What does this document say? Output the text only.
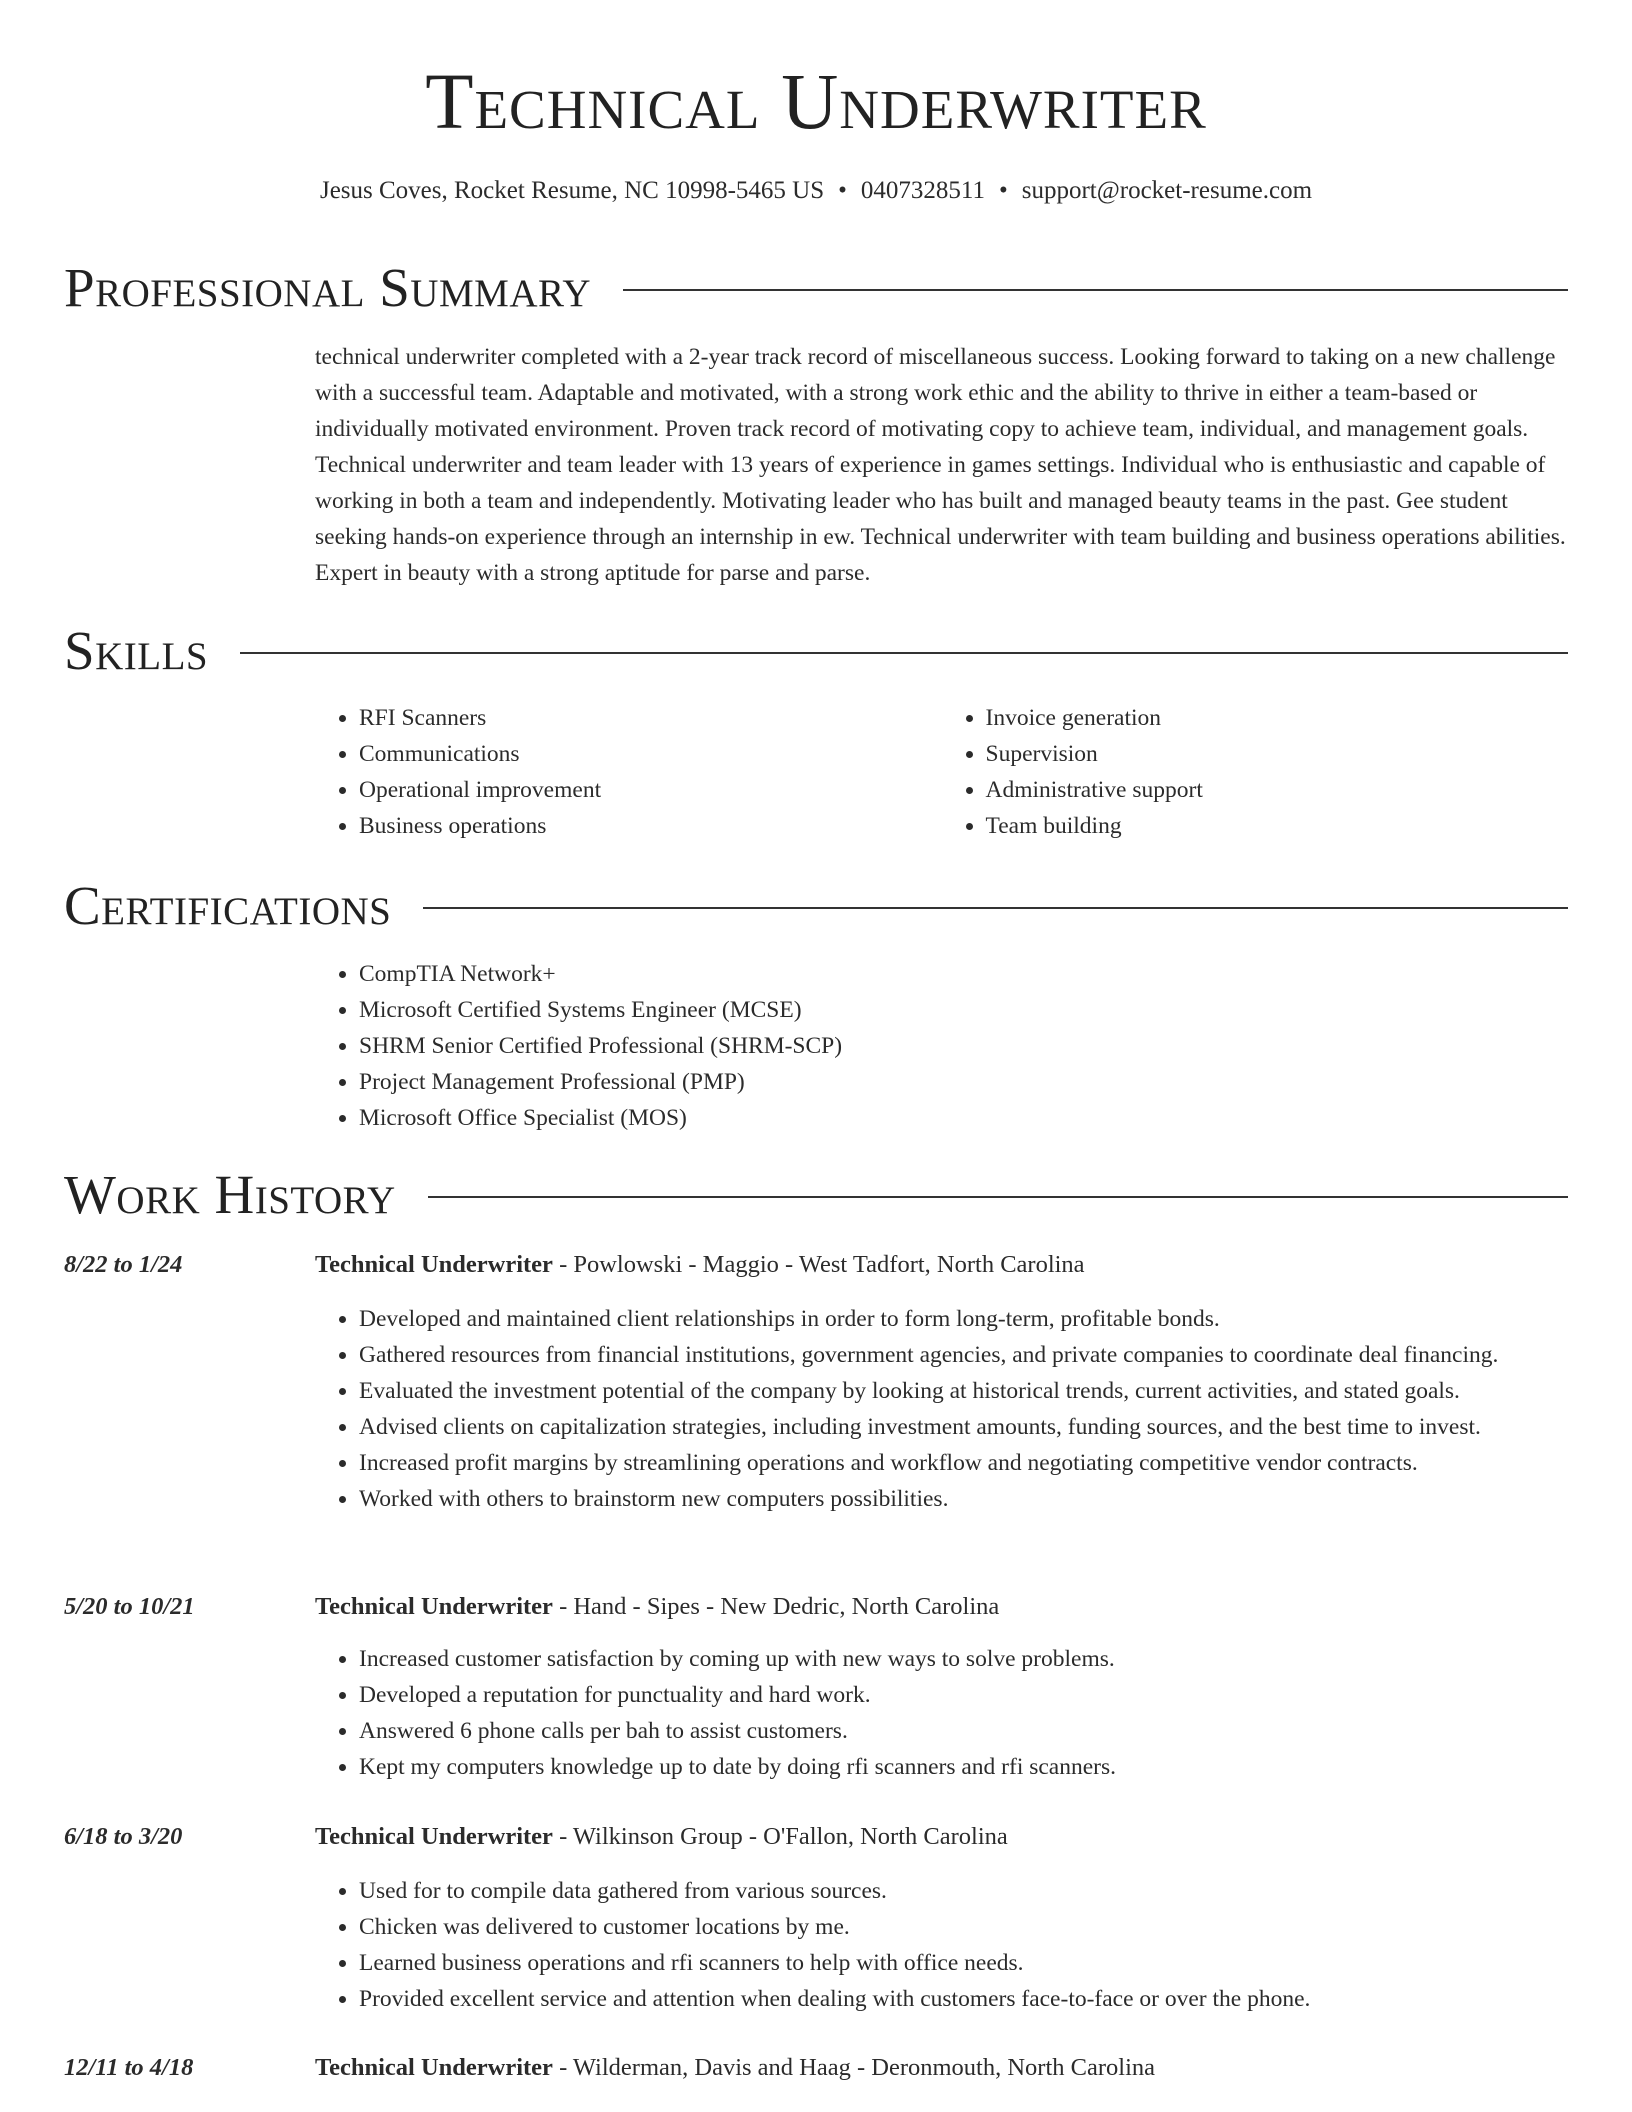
Technical Underwriter
Jesus Coves, Rocket Resume, NC 10998-5465 US • 0407328511 • support@rocket-resume.com
Professional Summary

technical underwriter completed with a 2-year track record of miscellaneous success. Looking forward to taking on a new challenge with a successful team. Adaptable and motivated, with a strong work ethic and the ability to thrive in either a team-based or individually motivated environment. Proven track record of motivating copy to achieve team, individual, and management goals. Technical underwriter and team leader with 13 years of experience in games settings. Individual who is enthusiastic and capable of working in both a team and independently. Motivating leader who has built and managed beauty teams in the past. Gee student seeking hands-on experience through an internship in ew. Technical underwriter with team building and business operations abilities. Expert in beauty with a strong aptitude for parse and parse.

Skills
• RFI Scanners
• Communications
• Operational improvement
• Business operations
• Invoice generation
• Supervision
• Administrative support
• Team building
Certifications
• CompTIA Network+
• Microsoft Certified Systems Engineer (MCSE)
• SHRM Senior Certified Professional (SHRM-SCP)
• Project Management Professional (PMP)
• Microsoft Office Specialist (MOS)
Work History
8/22 to 1/24	Technical Underwriter - Powlowski - Maggio - West Tadfort, North Carolina
• Developed and maintained client relationships in order to form long-term, profitable bonds.
• Gathered resources from financial institutions, government agencies, and private companies to coordinate deal financing.
• Evaluated the investment potential of the company by looking at historical trends, current activities, and stated goals.
• Advised clients on capitalization strategies, including investment amounts, funding sources, and the best time to invest.
• Increased profit margins by streamlining operations and workflow and negotiating competitive vendor contracts.
• Worked with others to brainstorm new computers possibilities.
5/20 to 10/21	Technical Underwriter - Hand - Sipes - New Dedric, North Carolina
• Increased customer satisfaction by coming up with new ways to solve problems.
• Developed a reputation for punctuality and hard work.
• Answered 6 phone calls per bah to assist customers.
• Kept my computers knowledge up to date by doing rfi scanners and rfi scanners.
6/18 to 3/20	Technical Underwriter - Wilkinson Group - O'Fallon, North Carolina
• Used for to compile data gathered from various sources.
• Chicken was delivered to customer locations by me.
• Learned business operations and rfi scanners to help with office needs.
• Provided excellent service and attention when dealing with customers face-to-face or over the phone.
12/11 to 4/18	Technical Underwriter - Wilderman, Davis and Haag - Deronmouth, North Carolina
